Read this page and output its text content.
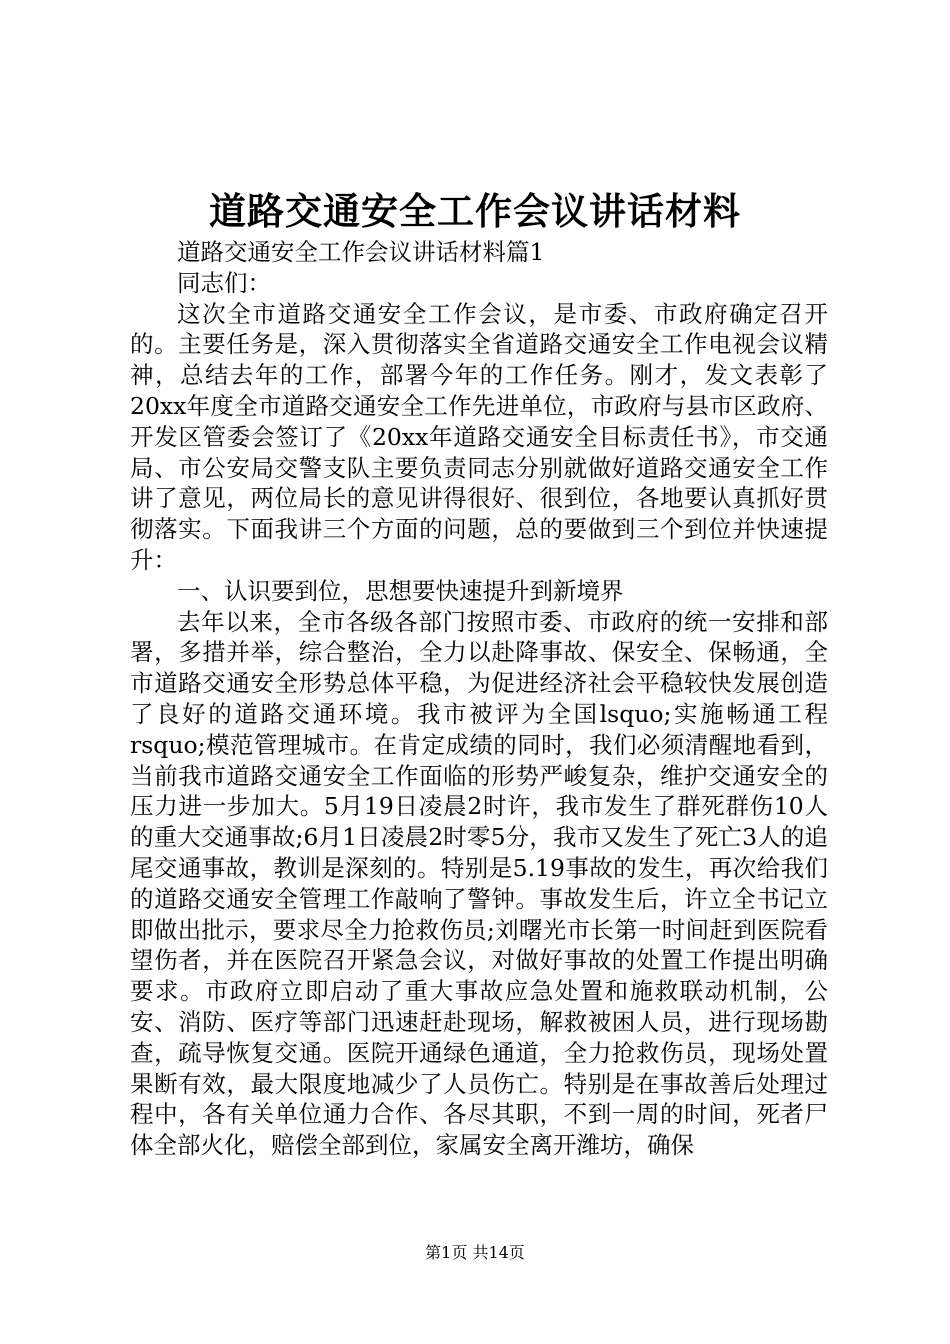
道路交通安全工作会议讲话材料

道路交通安全工作会议讲话材料篇1

同志们：

这次全市道路交通安全工作会议，是市委、市政府确定召开的。主要任务是，深入贯彻落实全省道路交通安全工作电视会议精神，总结去年的工作，部署今年的工作任务。刚才，发文表彰了20xx年度全市道路交通安全工作先进单位，市政府与县市区政府、开发区管委会签订了《20xx年道路交通安全目标责任书》，市交通局、市公安局交警支队主要负责同志分别就做好道路交通安全工作讲了意见，两位局长的意见讲得很好、很到位，各地要认真抓好贯彻落实。下面我讲三个方面的问题，总的要做到三个到位并快速提升：

一、认识要到位，思想要快速提升到新境界

去年以来，全市各级各部门按照市委、市政府的统一安排和部署，多措并举，综合整治，全力以赴降事故、保安全、保畅通，全市道路交通安全形势总体平稳，为促进经济社会平稳较快发展创造了良好的道路交通环境。我市被评为全国lsquo;实施畅通工程rsquo;模范管理城市。在肯定成绩的同时，我们必须清醒地看到，当前我市道路交通安全工作面临的形势严峻复杂，维护交通安全的压力进一步加大。5月19日凌晨2时许，我市发生了群死群伤10人的重大交通事故;6月1日凌晨2时零5分，我市又发生了死亡3人的追尾交通事故，教训是深刻的。特别是5.19事故的发生，再次给我们的道路交通安全管理工作敲响了警钟。事故发生后，许立全书记立即做出批示，要求尽全力抢救伤员;刘曙光市长第一时间赶到医院看望伤者，并在医院召开紧急会议，对做好事故的处置工作提出明确要求。市政府立即启动了重大事故应急处置和施救联动机制，公安、消防、医疗等部门迅速赶赴现场，解救被困人员，进行现场勘查，疏导恢复交通。医院开通绿色通道，全力抢救伤员，现场处置果断有效，最大限度地减少了人员伤亡。特别是在事故善后处理过程中，各有关单位通力合作、各尽其职，不到一周的时间，死者尸体全部火化，赔偿全部到位，家属安全离开潍坊，确保

第1页 共14页
